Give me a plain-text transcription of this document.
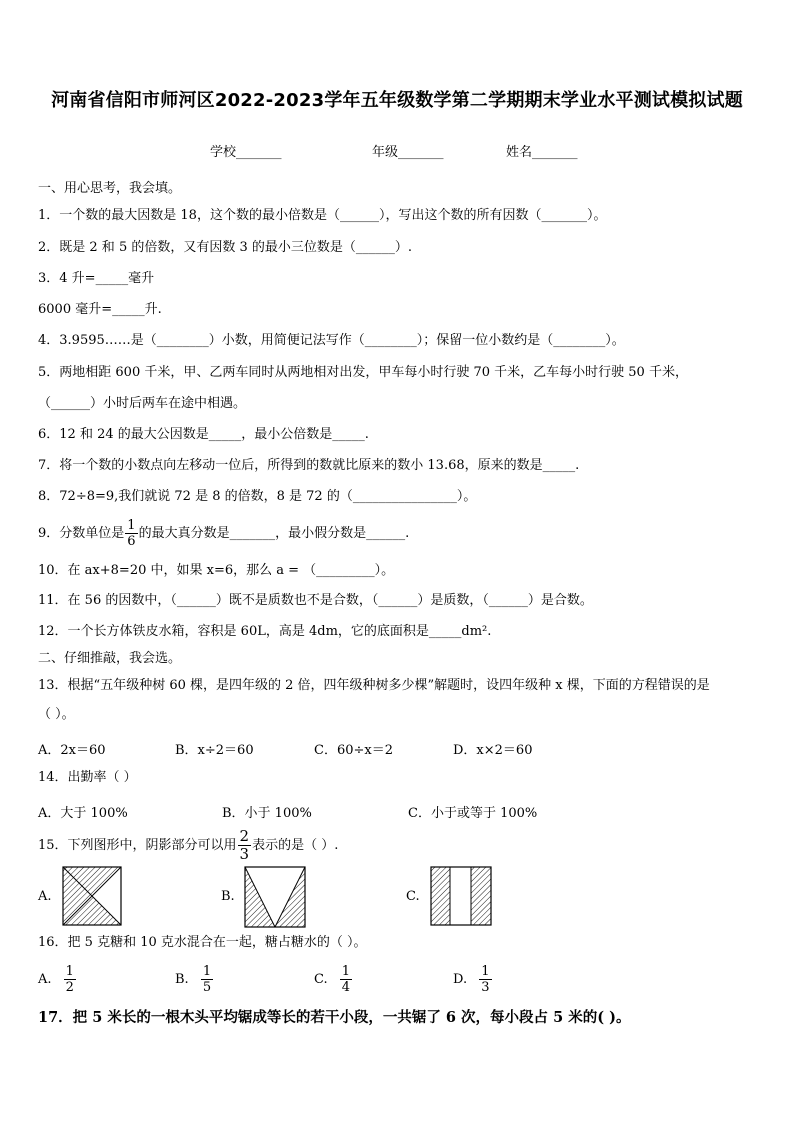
河南省信阳市师河区2022-2023学年五年级数学第二学期期末学业水平测试模拟试题
学校_______	年级_______	姓名_______
一、用心思考，我会填。
1．一个数的最大因数是 18，这个数的最小倍数是（______），写出这个数的所有因数（_______）。
2．既是 2 和 5 的倍数，又有因数 3 的最小三位数是（______）.
3．4 升=_____毫升
6000 毫升=_____升.
4．3.9595……是（________）小数，用简便记法写作（________）；保留一位小数约是（________）。
5．两地相距 600 千米，甲、乙两车同时从两地相对出发，甲车每小时行驶 70 千米，乙车每小时行驶 50 千米，
（______）小时后两车在途中相遇。
6．12 和 24 的最大公因数是_____，最小公倍数是_____.
7．将一个数的小数点向左移动一位后，所得到的数就比原来的数小 13.68，原来的数是_____.
8．72÷8=9,我们就说 72 是 8 的倍数，8 是 72 的（________________）。
9．分数单位是 $\frac{1}{6}$ 的最大真分数是_______，最小假分数是______.
10．在 ax+8=20 中，如果 x=6，那么 a = （_________）。
11．在 56 的因数中，（______）既不是质数也不是合数，（______）是质数，（______）是合数。
12．一个长方体铁皮水箱，容积是 60L，高是 4dm，它的底面积是_____dm².
二、仔细推敲，我会选。
13．根据“五年级种树 60 棵，是四年级的 2 倍，四年级种树多少棵”解题时，设四年级种 x 棵，下面的方程错误的是
（ ）。
A．2x＝60	B．x÷2＝60	C．60÷x＝2	D．x×2＝60
14．出勤率（ ）
A．大于 100%	B．小于 100%	C．小于或等于 100%
15．下列图形中，阴影部分可以用 $\frac{2}{3}$ 表示的是（ ）.
A.	B.	C.
16．把 5 克糖和 10 克水混合在一起，糖占糖水的（ ）。
A. $\frac{1}{2}$	B. $\frac{1}{5}$	C. $\frac{1}{4}$	D. $\frac{1}{3}$
17．把 5 米长的一根木头平均锯成等长的若干小段，一共锯了 6 次，每小段占 5 米的( )。
